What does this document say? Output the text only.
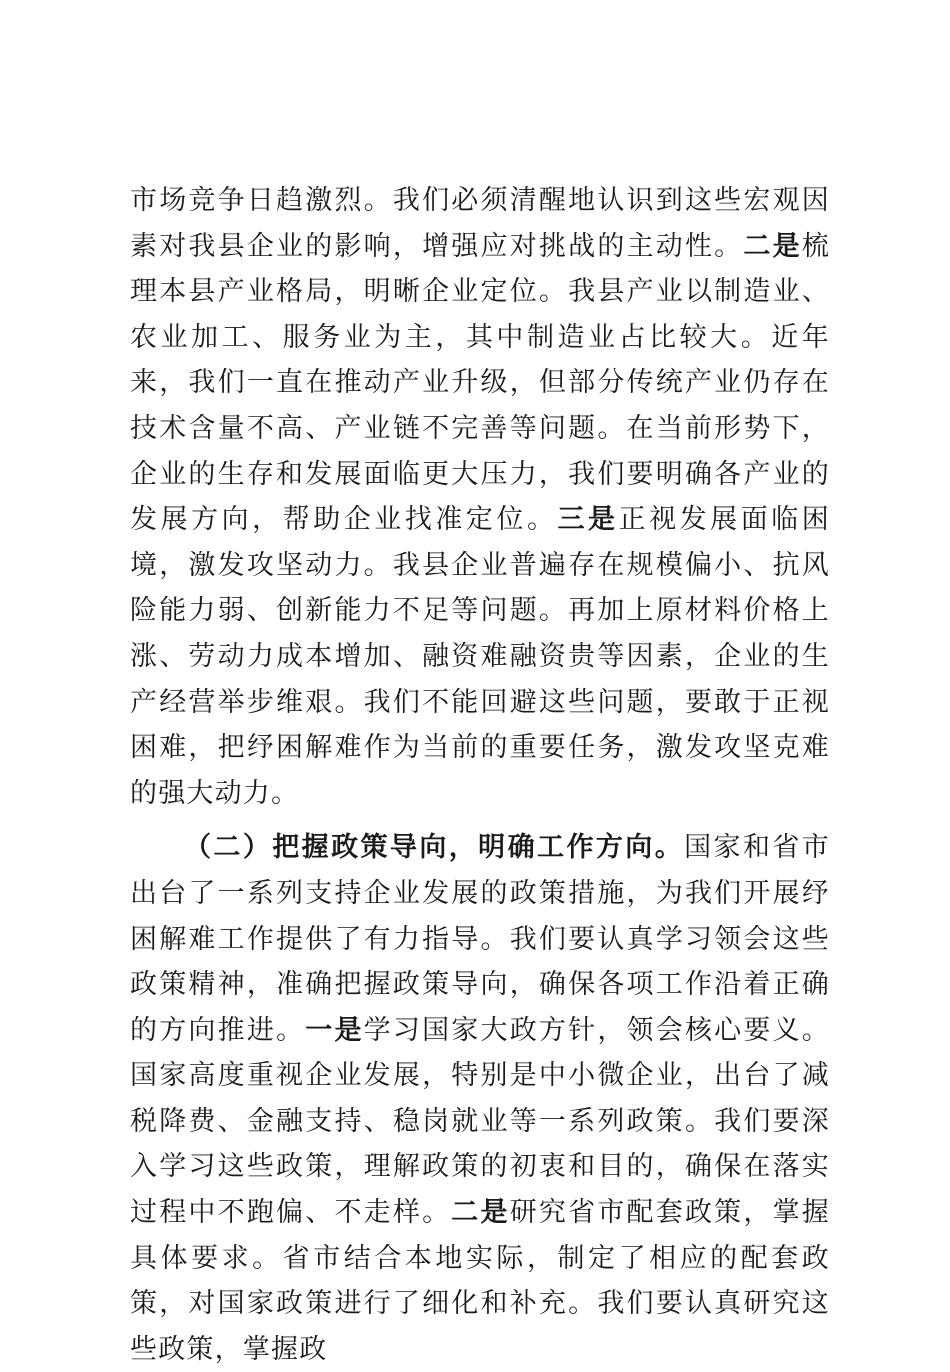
市场竞争日趋激烈。我们必须清醒地认识到这些宏观因素对我县企业的影响，增强应对挑战的主动性。二是梳理本县产业格局，明晰企业定位。我县产业以制造业、农业加工、服务业为主，其中制造业占比较大。近年来，我们一直在推动产业升级，但部分传统产业仍存在技术含量不高、产业链不完善等问题。在当前形势下，企业的生存和发展面临更大压力，我们要明确各产业的发展方向，帮助企业找准定位。三是正视发展面临困境，激发攻坚动力。我县企业普遍存在规模偏小、抗风险能力弱、创新能力不足等问题。再加上原材料价格上涨、劳动力成本增加、融资难融资贵等因素，企业的生产经营举步维艰。我们不能回避这些问题，要敢于正视困难，把纾困解难作为当前的重要任务，激发攻坚克难的强大动力。

（二）把握政策导向，明确工作方向。国家和省市出台了一系列支持企业发展的政策措施，为我们开展纾困解难工作提供了有力指导。我们要认真学习领会这些政策精神，准确把握政策导向，确保各项工作沿着正确的方向推进。一是学习国家大政方针，领会核心要义。国家高度重视企业发展，特别是中小微企业，出台了减税降费、金融支持、稳岗就业等一系列政策。我们要深入学习这些政策，理解政策的初衷和目的，确保在落实过程中不跑偏、不走样。二是研究省市配套政策，掌握具体要求。省市结合本地实际，制定了相应的配套政策，对国家政策进行了细化和补充。我们要认真研究这些政策，掌握政
